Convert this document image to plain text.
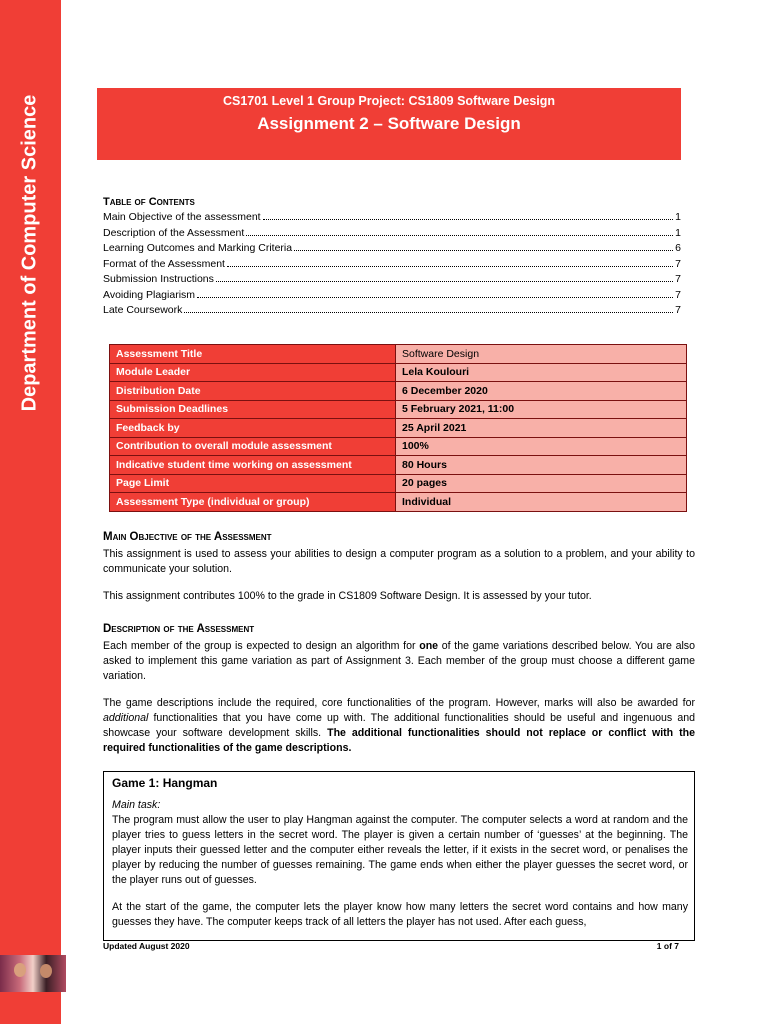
Department of Computer Science	CS1701 Level 1 Group Project: CS1809 Software Design
Assignment 2 – Software Design
Table of Contents
Main Objective of the assessment	1
Description of the Assessment	1
Learning Outcomes and Marking Criteria	6
Format of the Assessment	7
Submission Instructions	7
Avoiding Plagiarism	7
Late Coursework	7
Assessment Title	Software Design
Module Leader	Lela Koulouri
Distribution Date	6 December 2020
Submission Deadlines	5 February 2021, 11:00
Feedback by	25 April 2021
Contribution to overall module assessment	100%
Indicative student time working on assessment	80 Hours
Page Limit	20 pages
Assessment Type (individual or group)	Individual
Main Objective of the Assessment

This assignment is used to assess your abilities to design a computer program as a solution to a problem, and your ability to communicate your solution.

This assignment contributes 100% to the grade in CS1809 Software Design. It is assessed by your tutor.

Description of the Assessment

Each member of the group is expected to design an algorithm for one of the game variations described below. You are also asked to implement this game variation as part of Assignment 3. Each member of the group must choose a different game variation.

The game descriptions include the required, core functionalities of the program. However, marks will also be awarded for additional functionalities that you have come up with. The additional functionalities should be useful and ingenuous and showcase your software development skills. The additional functionalities should not replace or conflict with the required functionalities of the game descriptions.

Game 1: Hangman
Main task:

The program must allow the user to play Hangman against the computer. The computer selects a word at random and the player tries to guess letters in the secret word. The player is given a certain number of ‘guesses’ at the beginning. The player inputs their guessed letter and the computer either reveals the letter, if it exists in the secret word, or penalises the player by reducing the number of guesses remaining. The game ends when either the player guesses the secret word, or the player runs out of guesses.

At the start of the game, the computer lets the player know how many letters the secret word contains and how many guesses they have. The computer keeps track of all letters the player has not used. After each guess,

Updated August 2020	1 of 7
